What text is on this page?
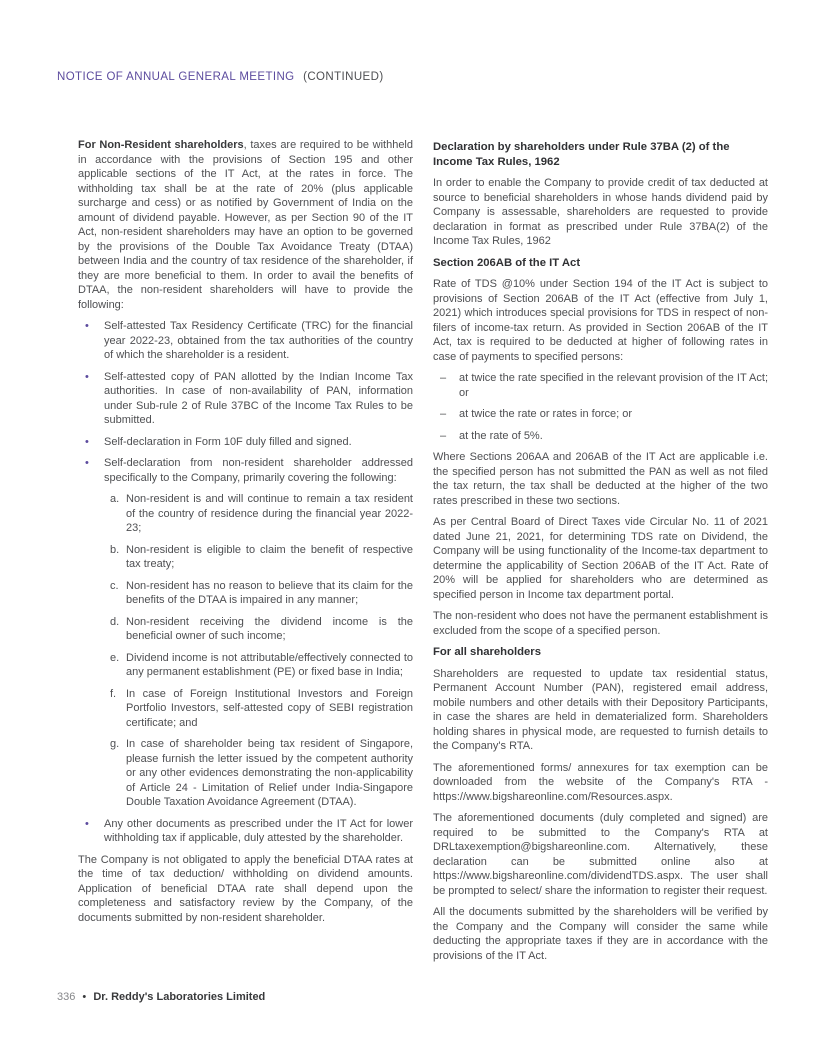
NOTICE OF ANNUAL GENERAL MEETING (CONTINUED)

For Non-Resident shareholders, taxes are required to be withheld in accordance with the provisions of Section 195 and other applicable sections of the IT Act, at the rates in force. The withholding tax shall be at the rate of 20% (plus applicable surcharge and cess) or as notified by Government of India on the amount of dividend payable. However, as per Section 90 of the IT Act, non-resident shareholders may have an option to be governed by the provisions of the Double Tax Avoidance Treaty (DTAA) between India and the country of tax residence of the shareholder, if they are more beneficial to them. In order to avail the benefits of DTAA, the non-resident shareholders will have to provide the following:

•	Self-attested Tax Residency Certificate (TRC) for the financial year 2022-23, obtained from the tax authorities of the country of which the shareholder is a resident.
•	Self-attested copy of PAN allotted by the Indian Income Tax authorities. In case of non-availability of PAN, information under Sub-rule 2 of Rule 37BC of the Income Tax Rules to be submitted.
•	Self-declaration in Form 10F duly filled and signed.
•	Self-declaration from non-resident shareholder addressed specifically to the Company, primarily covering the following:
a. Non-resident is and will continue to remain a tax resident of the country of residence during the financial year 2022-23;
b. Non-resident is eligible to claim the benefit of respective tax treaty;
c. Non-resident has no reason to believe that its claim for the benefits of the DTAA is impaired in any manner;
d. Non-resident receiving the dividend income is the beneficial owner of such income;
e. Dividend income is not attributable/effectively connected to any permanent establishment (PE) or fixed base in India;
f. In case of Foreign Institutional Investors and Foreign Portfolio Investors, self-attested copy of SEBI registration certificate; and
g. In case of shareholder being tax resident of Singapore, please furnish the letter issued by the competent authority or any other evidences demonstrating the non-applicability of Article 24 - Limitation of Relief under India-Singapore Double Taxation Avoidance Agreement (DTAA).
•	Any other documents as prescribed under the IT Act for lower withholding tax if applicable, duly attested by the shareholder.

The Company is not obligated to apply the beneficial DTAA rates at the time of tax deduction/ withholding on dividend amounts. Application of beneficial DTAA rate shall depend upon the completeness and satisfactory review by the Company, of the documents submitted by non-resident shareholder.

Declaration by shareholders under Rule 37BA (2) of the Income Tax Rules, 1962

In order to enable the Company to provide credit of tax deducted at source to beneficial shareholders in whose hands dividend paid by Company is assessable, shareholders are requested to provide declaration in format as prescribed under Rule 37BA(2) of the Income Tax Rules, 1962

Section 206AB of the IT Act

Rate of TDS @10% under Section 194 of the IT Act is subject to provisions of Section 206AB of the IT Act (effective from July 1, 2021) which introduces special provisions for TDS in respect of non-filers of income-tax return. As provided in Section 206AB of the IT Act, tax is required to be deducted at higher of following rates in case of payments to specified persons:

–	at twice the rate specified in the relevant provision of the IT Act; or
–	at twice the rate or rates in force; or
–	at the rate of 5%.

Where Sections 206AA and 206AB of the IT Act are applicable i.e. the specified person has not submitted the PAN as well as not filed the tax return, the tax shall be deducted at the higher of the two rates prescribed in these two sections.

As per Central Board of Direct Taxes vide Circular No. 11 of 2021 dated June 21, 2021, for determining TDS rate on Dividend, the Company will be using functionality of the Income-tax department to determine the applicability of Section 206AB of the IT Act. Rate of 20% will be applied for shareholders who are determined as specified person in Income tax department portal.

The non-resident who does not have the permanent establishment is excluded from the scope of a specified person.

For all shareholders

Shareholders are requested to update tax residential status, Permanent Account Number (PAN), registered email address, mobile numbers and other details with their Depository Participants, in case the shares are held in dematerialized form. Shareholders holding shares in physical mode, are requested to furnish details to the Company's RTA.

The aforementioned forms/ annexures for tax exemption can be downloaded from the website of the Company's RTA - https://www.bigshareonline.com/Resources.aspx.

The aforementioned documents (duly completed and signed) are required to be submitted to the Company's RTA at DRLtaxexemption@bigshareonline.com. Alternatively, these declaration can be submitted online also at https://www.bigshareonline.com/dividendTDS.aspx. The user shall be prompted to select/ share the information to register their request.

All the documents submitted by the shareholders will be verified by the Company and the Company will consider the same while deducting the appropriate taxes if they are in accordance with the provisions of the IT Act.

336 • Dr. Reddy's Laboratories Limited
